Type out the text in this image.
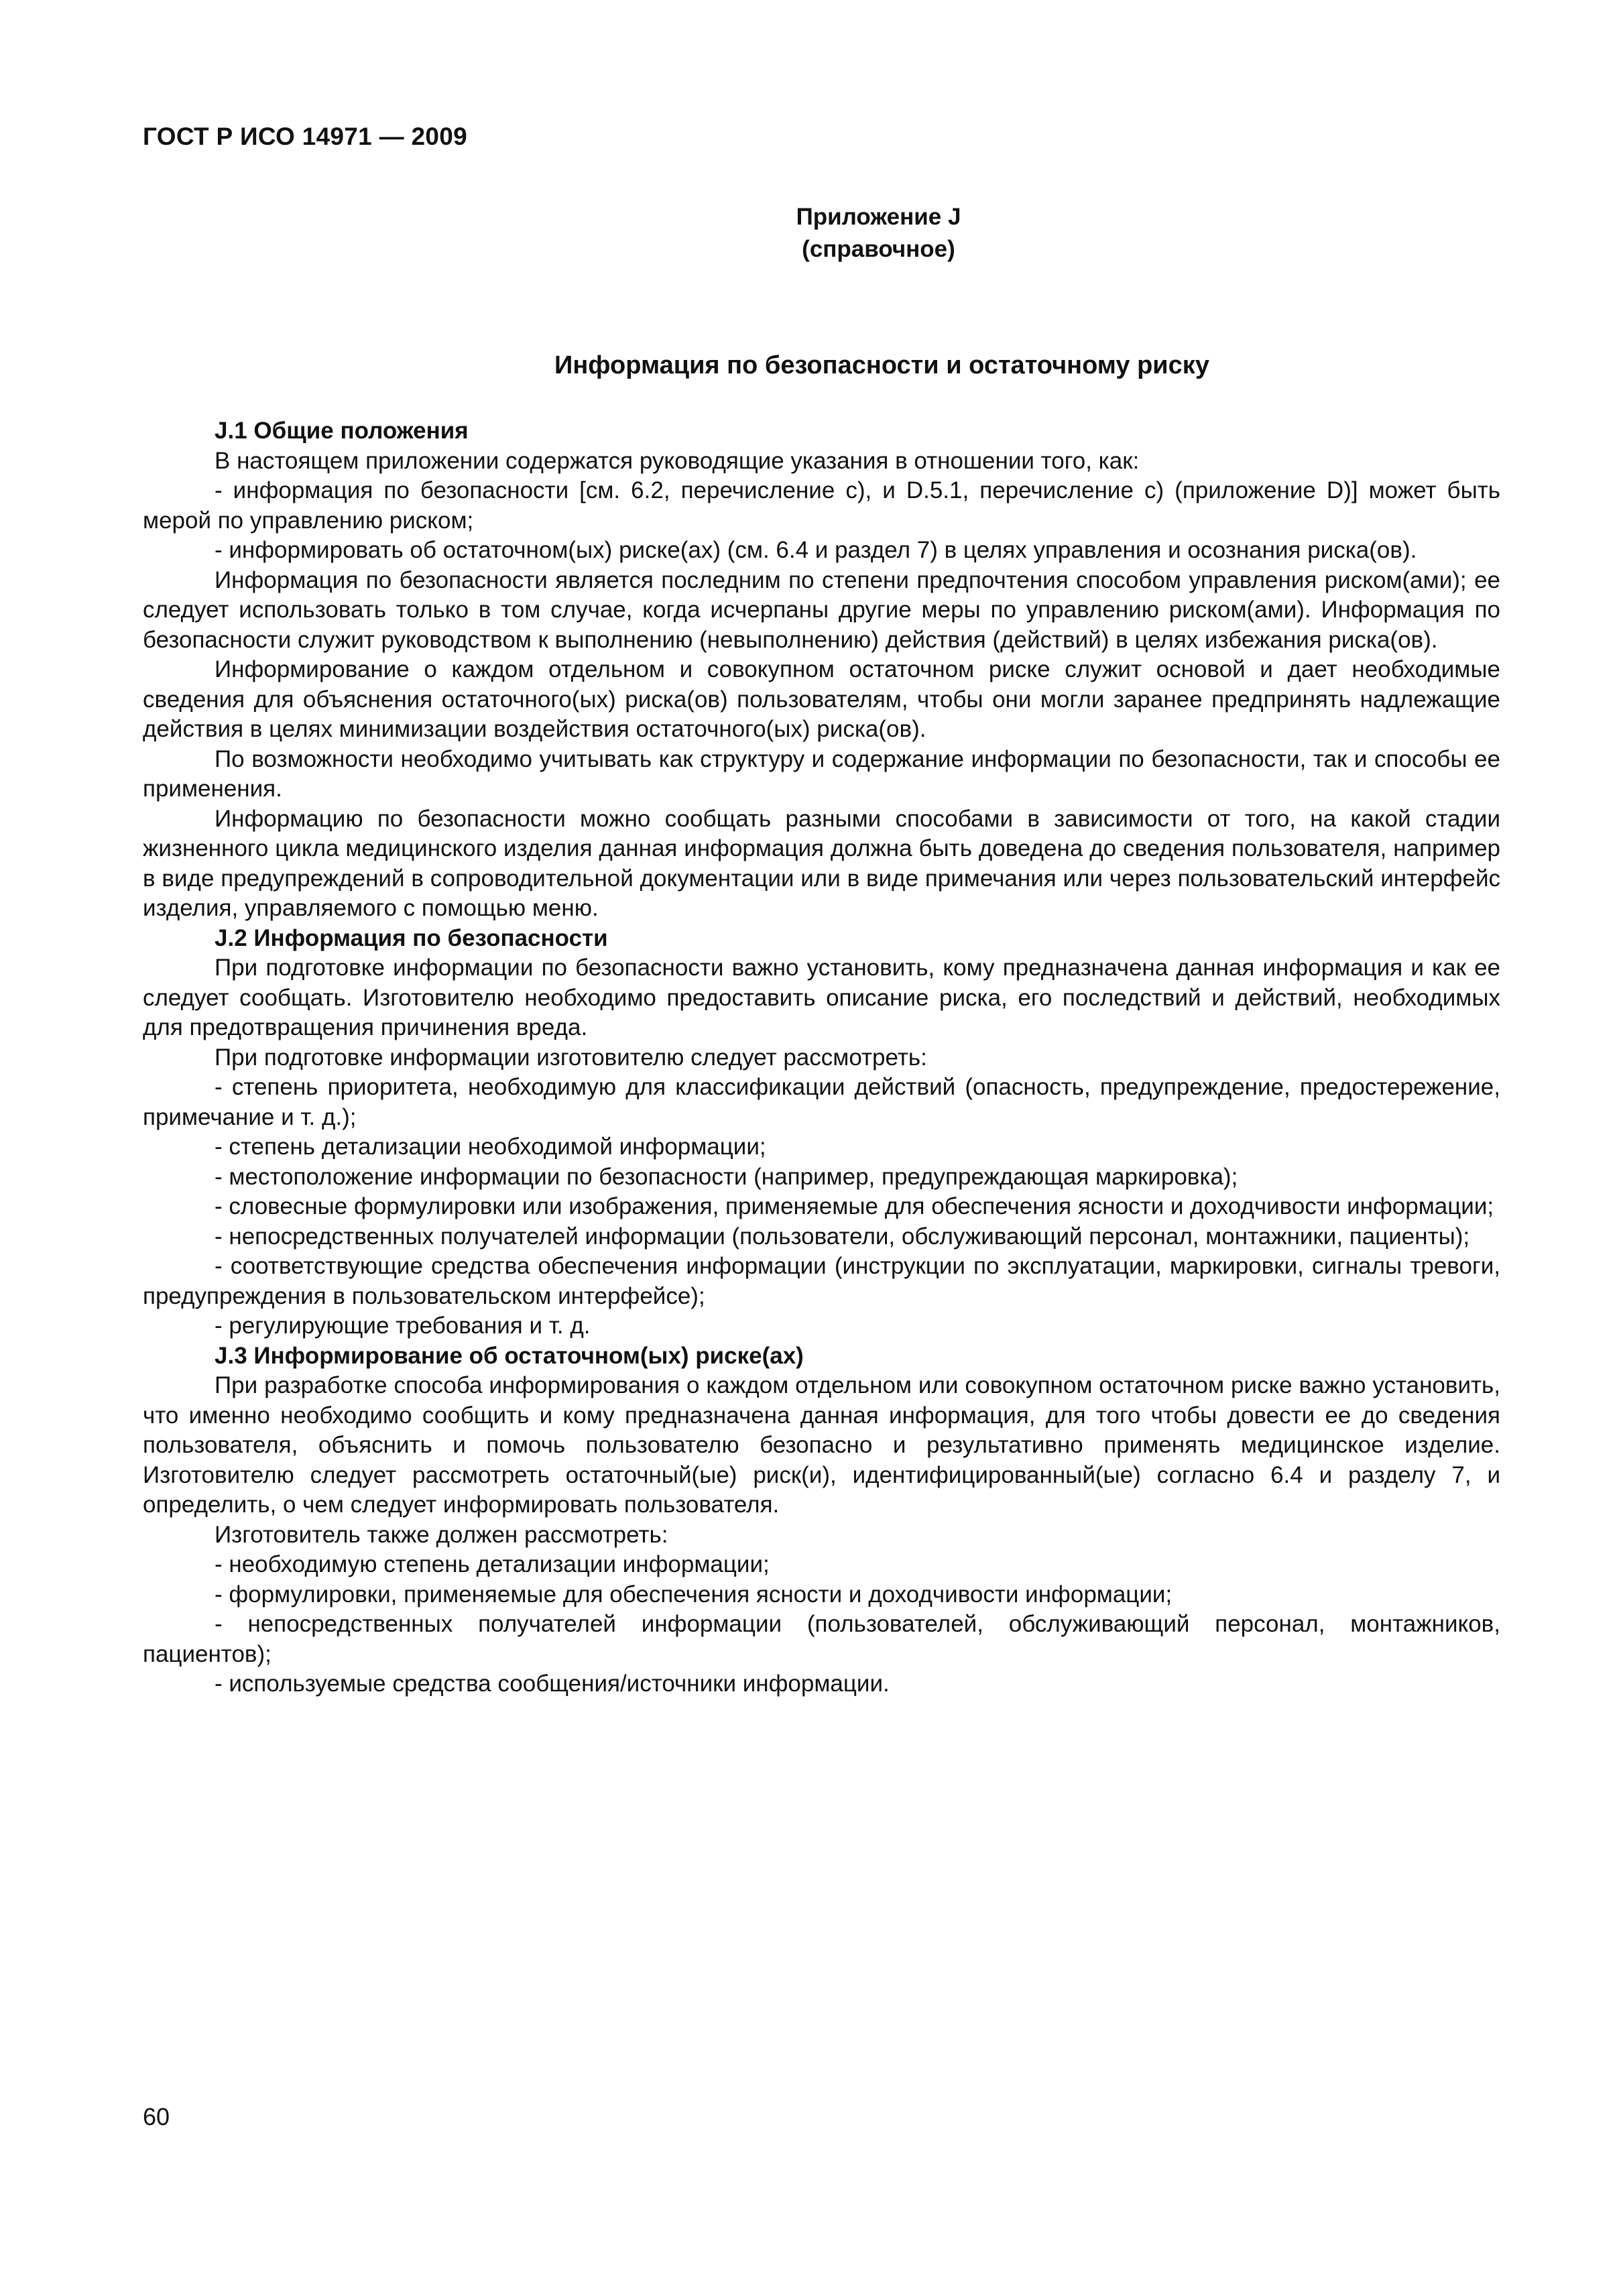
ГОСТ Р ИСО 14971 — 2009
Приложение J
(справочное)
Информация по безопасности и остаточному риску

J.1 Общие положения

В настоящем приложении содержатся руководящие указания в отношении того, как:

- информация по безопасности [см. 6.2, перечисление c), и D.5.1, перечисление c) (приложение D)] может быть мерой по управлению риском;

- информировать об остаточном(ых) риске(ах) (см. 6.4 и раздел 7) в целях управления и осознания риска(ов).

Информация по безопасности является последним по степени предпочтения способом управления риском(ами); ее следует использовать только в том случае, когда исчерпаны другие меры по управлению риском(ами). Информация по безопасности служит руководством к выполнению (невыполнению) действия (действий) в целях избежания риска(ов).

Информирование о каждом отдельном и совокупном остаточном риске служит основой и дает необходимые сведения для объяснения остаточного(ых) риска(ов) пользователям, чтобы они могли заранее предпринять надлежащие действия в целях минимизации воздействия остаточного(ых) риска(ов).

По возможности необходимо учитывать как структуру и содержание информации по безопасности, так и способы ее применения.

Информацию по безопасности можно сообщать разными способами в зависимости от того, на какой стадии жизненного цикла медицинского изделия данная информация должна быть доведена до сведения пользователя, например в виде предупреждений в сопроводительной документации или в виде примечания или через пользовательский интерфейс изделия, управляемого с помощью меню.

J.2 Информация по безопасности

При подготовке информации по безопасности важно установить, кому предназначена данная информация и как ее следует сообщать. Изготовителю необходимо предоставить описание риска, его последствий и действий, необходимых для предотвращения причинения вреда.

При подготовке информации изготовителю следует рассмотреть:

- степень приоритета, необходимую для классификации действий (опасность, предупреждение, предостережение, примечание и т. д.);

- степень детализации необходимой информации;

- местоположение информации по безопасности (например, предупреждающая маркировка);

- словесные формулировки или изображения, применяемые для обеспечения ясности и доходчивости информации;

- непосредственных получателей информации (пользователи, обслуживающий персонал, монтажники, пациенты);

- соответствующие средства обеспечения информации (инструкции по эксплуатации, маркировки, сигналы тревоги, предупреждения в пользовательском интерфейсе);

- регулирующие требования и т. д.

J.3 Информирование об остаточном(ых) риске(ах)

При разработке способа информирования о каждом отдельном или совокупном остаточном риске важно установить, что именно необходимо сообщить и кому предназначена данная информация, для того чтобы довести ее до сведения пользователя, объяснить и помочь пользователю безопасно и результативно применять медицинское изделие. Изготовителю следует рассмотреть остаточный(ые) риск(и), идентифицированный(ые) согласно 6.4 и разделу 7, и определить, о чем следует информировать пользователя.

Изготовитель также должен рассмотреть:

- необходимую степень детализации информации;

- формулировки, применяемые для обеспечения ясности и доходчивости информации;

- непосредственных получателей информации (пользователей, обслуживающий персонал, монтажников, пациентов);

- используемые средства сообщения/источники информации.

60
